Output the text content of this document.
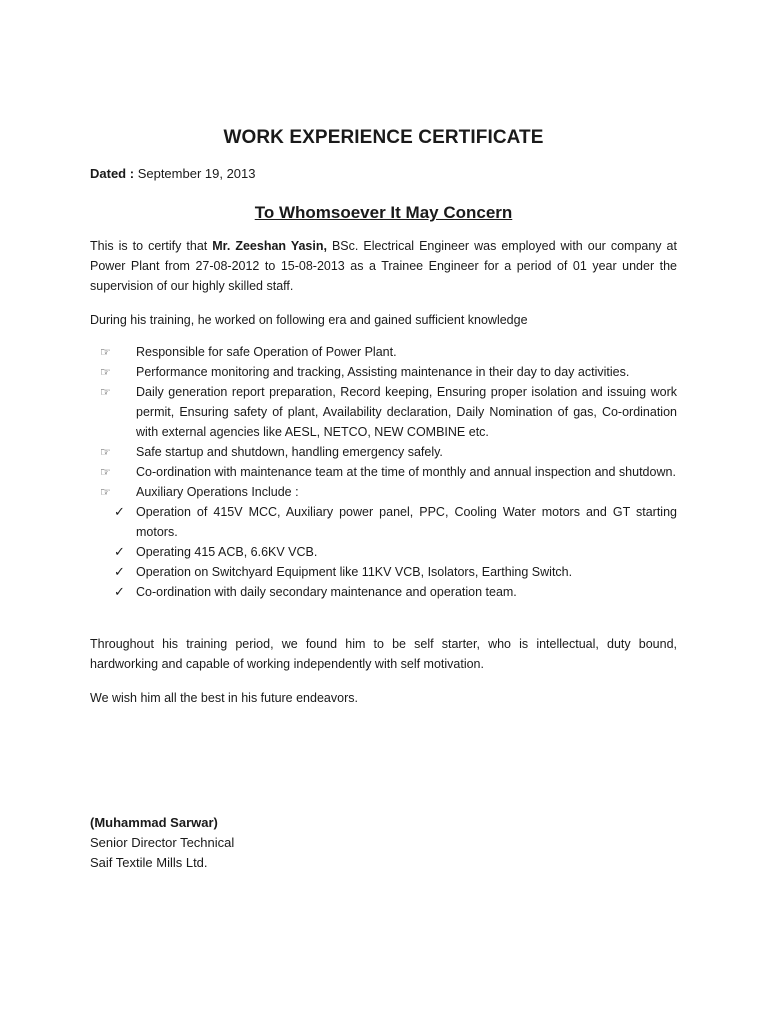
WORK EXPERIENCE CERTIFICATE
Dated : September 19, 2013
To Whomsoever It May Concern
This is to certify that Mr. Zeeshan Yasin, BSc. Electrical Engineer was employed with our company at Power Plant from 27-08-2012 to 15-08-2013 as a Trainee Engineer for a period of 01 year under the supervision of our highly skilled staff.
During his training, he worked on following era and gained sufficient knowledge
☞	Responsible for safe Operation of Power Plant.
☞	Performance monitoring and tracking, Assisting maintenance in their day to day activities.
☞	Daily generation report preparation, Record keeping, Ensuring proper isolation and issuing work permit, Ensuring safety of plant, Availability declaration, Daily Nomination of gas, Co-ordination with external agencies like AESL, NETCO, NEW COMBINE etc.
☞	Safe startup and shutdown, handling emergency safely.
☞	Co-ordination with maintenance team at the time of monthly and annual inspection and shutdown.
☞	Auxiliary Operations Include :
✓ Operation of 415V MCC, Auxiliary power panel, PPC, Cooling Water motors and GT starting motors.
✓ Operating 415 ACB, 6.6KV VCB.
✓ Operation on Switchyard Equipment like 11KV VCB, Isolators, Earthing Switch.
✓ Co-ordination with daily secondary maintenance and operation team.
Throughout his training period, we found him to be self starter, who is intellectual, duty bound, hardworking and capable of working independently with self motivation.
We wish him all the best in his future endeavors.
(Muhammad Sarwar)
Senior Director Technical
Saif Textile Mills Ltd.
